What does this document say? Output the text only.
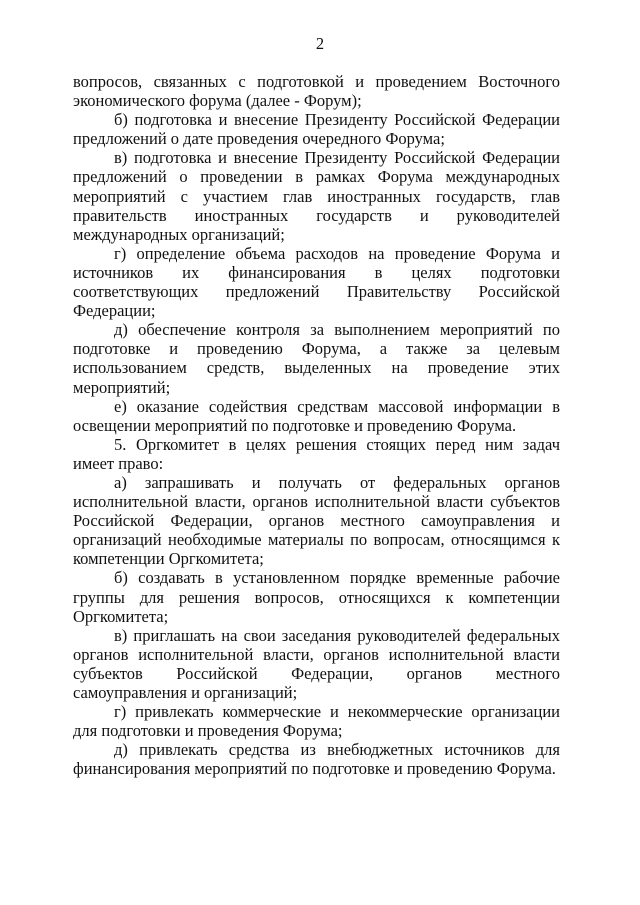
2

вопросов, связанных с подготовкой и проведением Восточного экономического форума (далее - Форум);

б) подготовка и внесение Президенту Российской Федерации предложений о дате проведения очередного Форума;

в) подготовка и внесение Президенту Российской Федерации предложений о проведении в рамках Форума международных мероприятий с участием глав иностранных государств, глав правительств иностранных государств и руководителей международных организаций;

г) определение объема расходов на проведение Форума и источников их финансирования в целях подготовки соответствующих предложений Правительству Российской Федерации;

д) обеспечение контроля за выполнением мероприятий по подготовке и проведению Форума, а также за целевым использованием средств, выделенных на проведение этих мероприятий;

е) оказание содействия средствам массовой информации в освещении мероприятий по подготовке и проведению Форума.

5. Оргкомитет в целях решения стоящих перед ним задач имеет право:

а) запрашивать и получать от федеральных органов исполнительной власти, органов исполнительной власти субъектов Российской Федерации, органов местного самоуправления и организаций необходимые материалы по вопросам, относящимся к компетенции Оргкомитета;

б) создавать в установленном порядке временные рабочие группы для решения вопросов, относящихся к компетенции Оргкомитета;

в) приглашать на свои заседания руководителей федеральных органов исполнительной власти, органов исполнительной власти субъектов Российской Федерации, органов местного самоуправления и организаций;

г) привлекать коммерческие и некоммерческие организации для подготовки и проведения Форума;

д) привлекать средства из внебюджетных источников для финансирования мероприятий по подготовке и проведению Форума.
